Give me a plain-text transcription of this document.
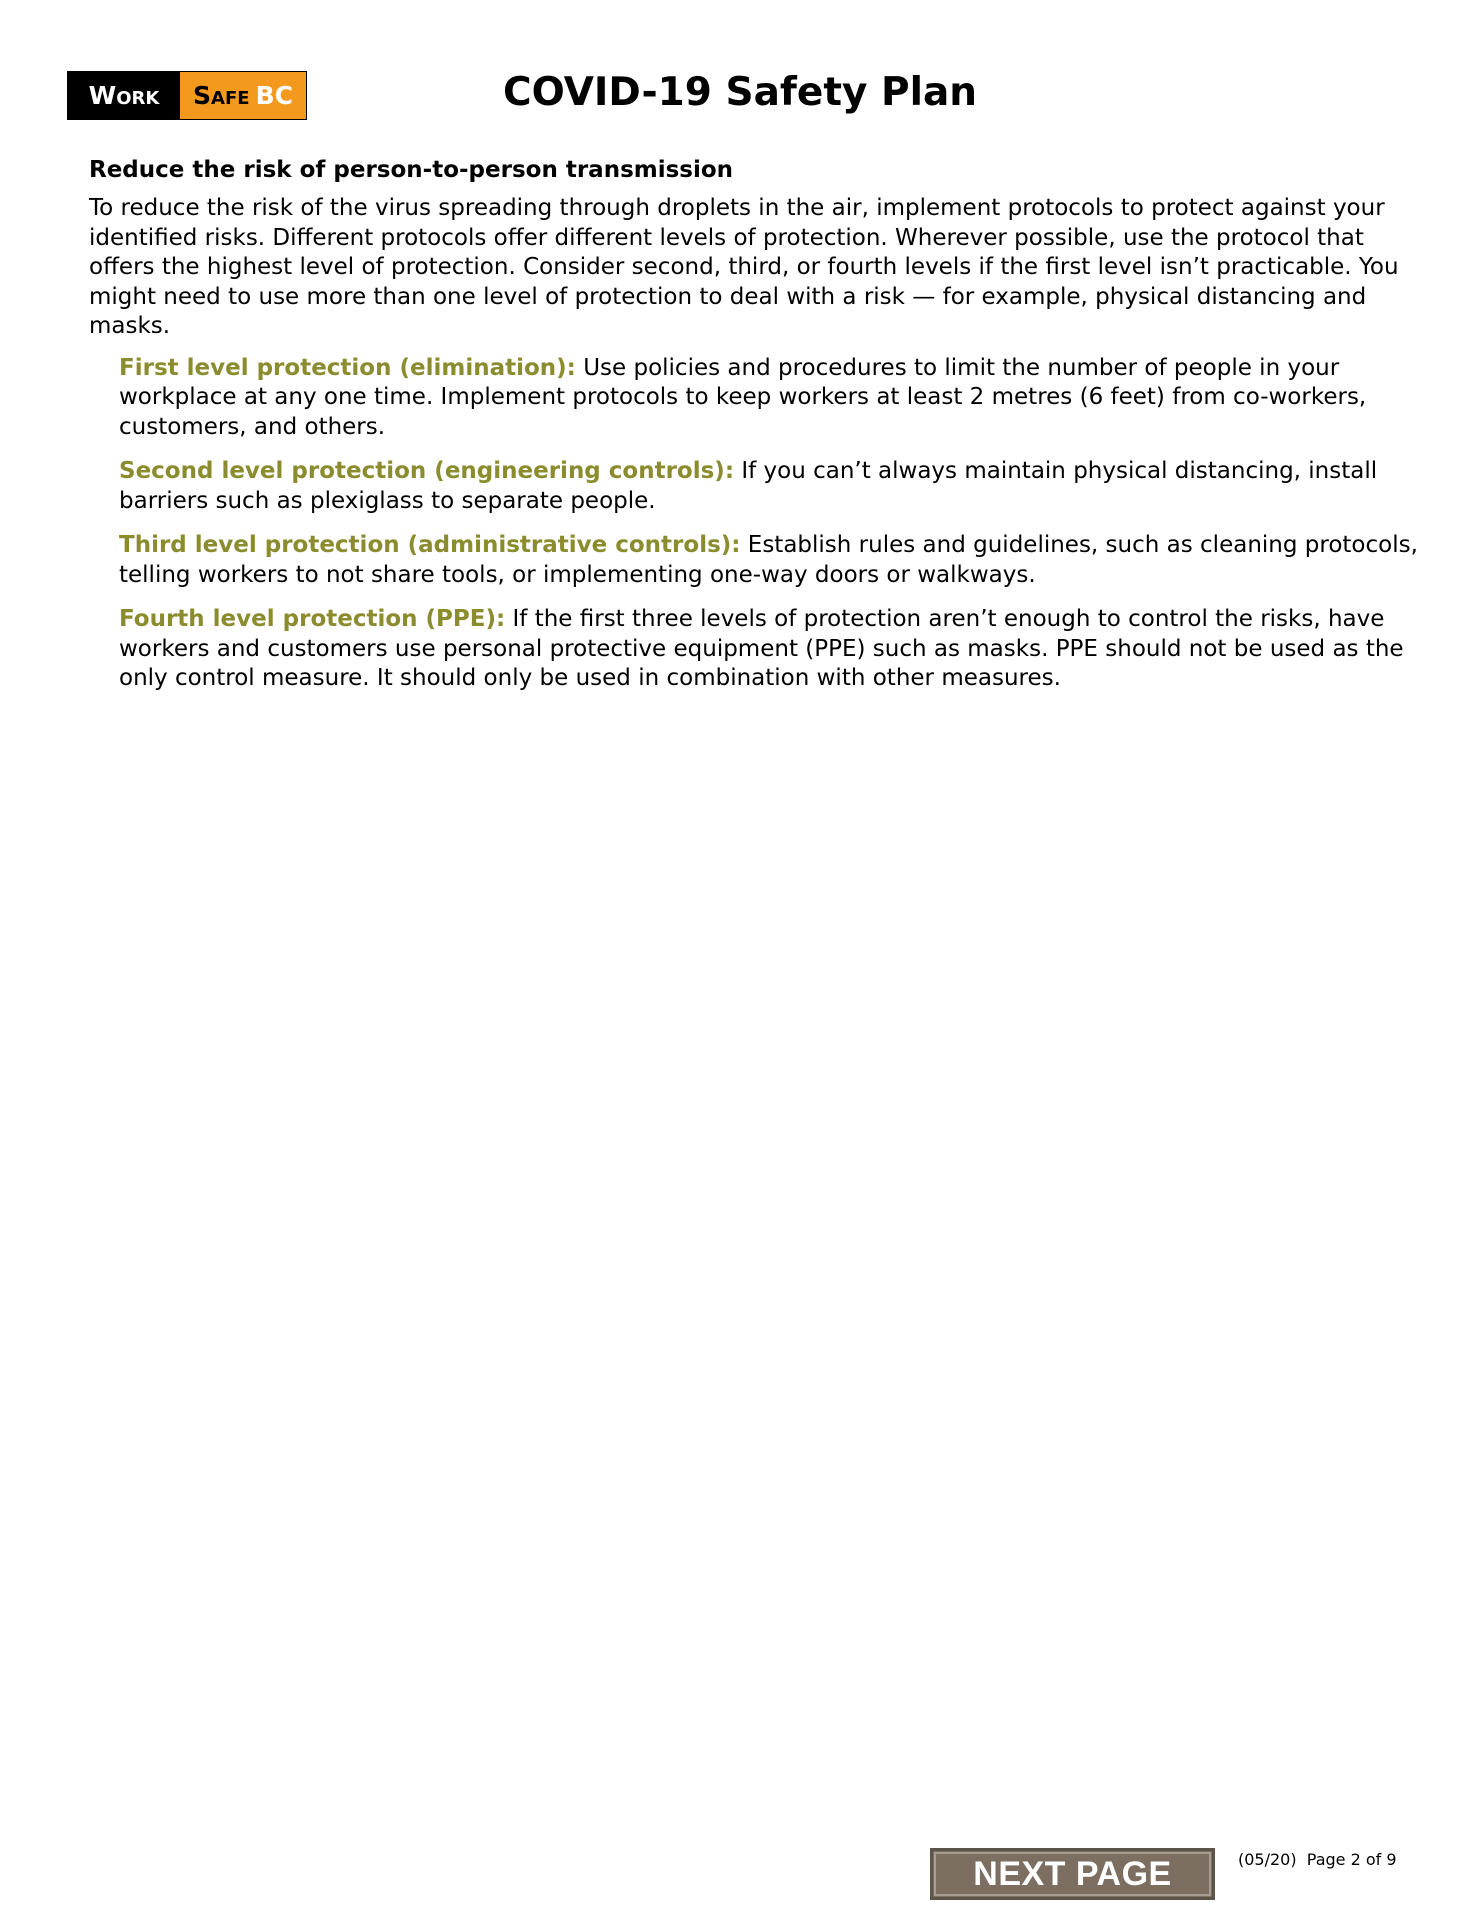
Work	Safe BC	COVID-19 Safety Plan

Reduce the risk of person-to-person transmission

To reduce the risk of the virus spreading through droplets in the air, implement protocols to protect against your identified risks. Different protocols offer different levels of protection. Wherever possible, use the protocol that offers the highest level of protection. Consider second, third, or fourth levels if the first level isn’t practicable. You might need to use more than one level of protection to deal with a risk — for example, physical distancing and masks.

First level protection (elimination): Use policies and procedures to limit the number of people in your workplace at any one time. Implement protocols to keep workers at least 2 metres (6 feet) from co-workers, customers, and others.

Second level protection (engineering controls): If you can’t always maintain physical distancing, install barriers such as plexiglass to separate people.

Third level protection (administrative controls): Establish rules and guidelines, such as cleaning protocols, telling workers to not share tools, or implementing one-way doors or walkways.

Fourth level protection (PPE): If the first three levels of protection aren’t enough to control the risks, have workers and customers use personal protective equipment (PPE) such as masks. PPE should not be used as the only control measure. It should only be used in combination with other measures.

NEXT PAGE	(05/20)  Page 2 of 9
